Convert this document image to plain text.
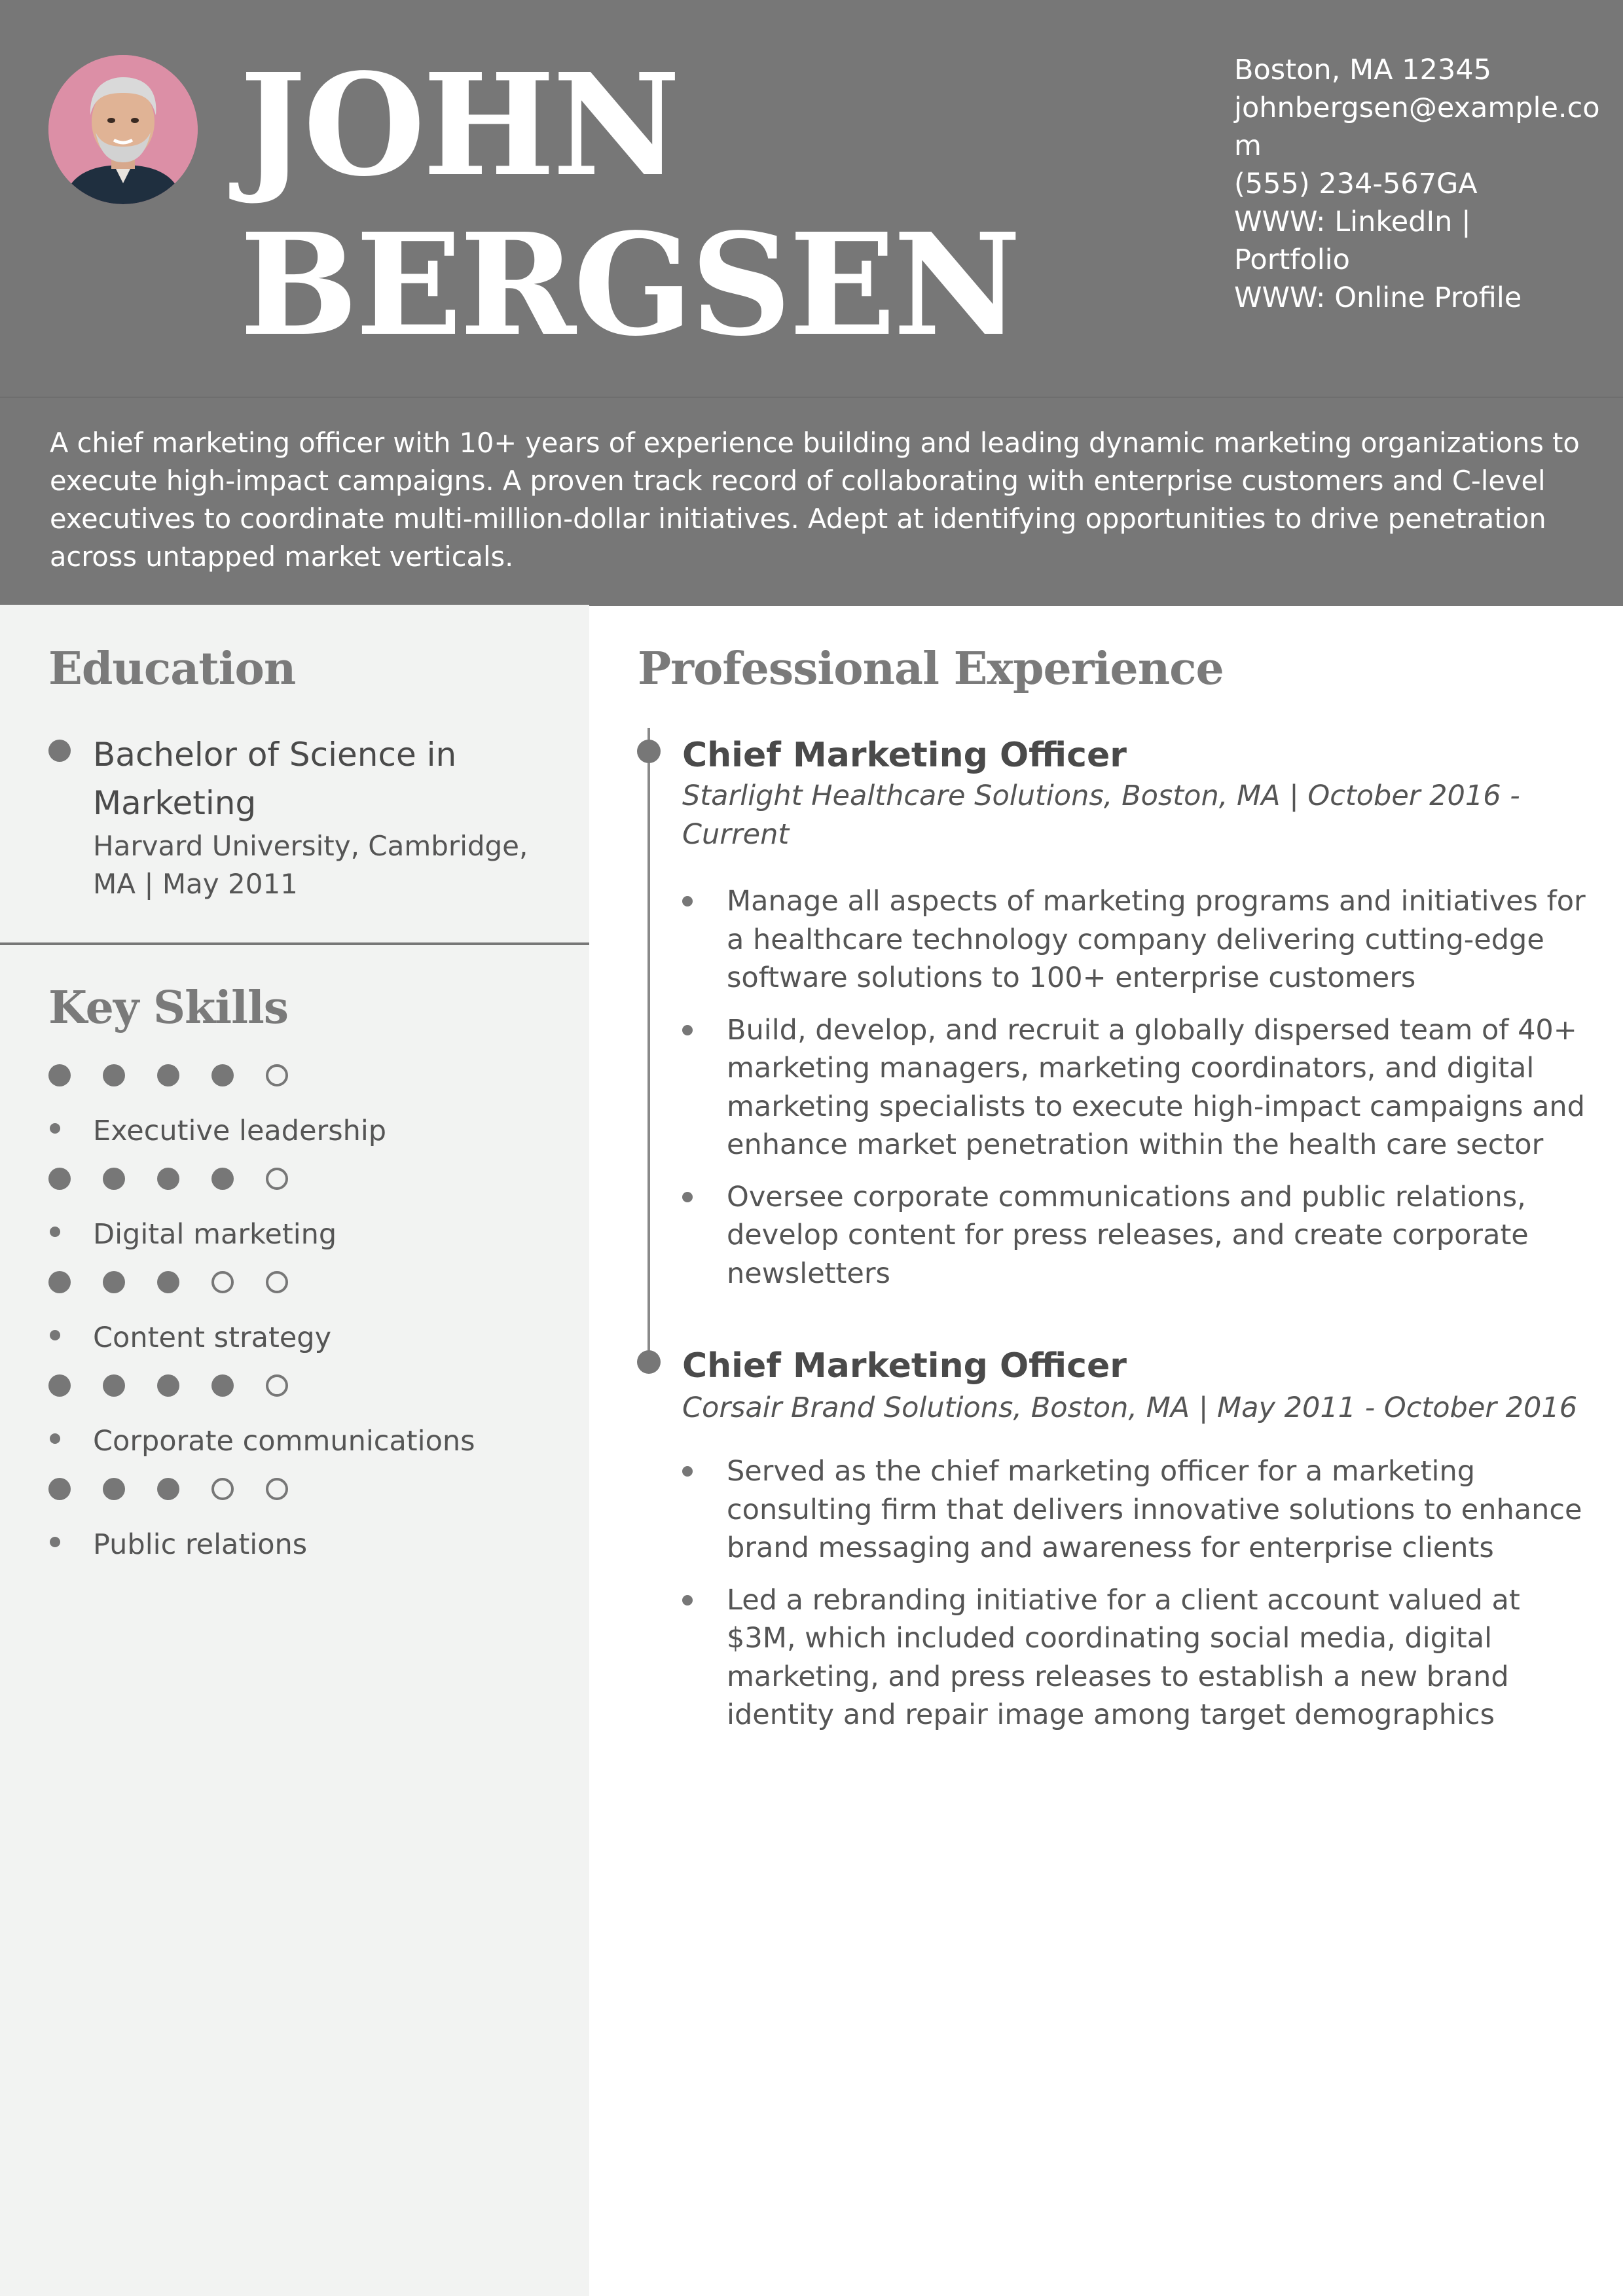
JOHN
BERGSEN
Boston, MA 12345
johnbergsen@example.com
(555) 234-567GA
WWW: LinkedIn | Portfolio
WWW: Online Profile

A chief marketing officer with 10+ years of experience building and leading dynamic marketing organizations to execute high-impact campaigns. A proven track record of collaborating with enterprise customers and C-level executives to coordinate multi-million-dollar initiatives. Adept at identifying opportunities to drive penetration across untapped market verticals.

Education
Bachelor of Science in Marketing
Harvard University, Cambridge, MA | May 2011
Key Skills
Executive leadership
Digital marketing
Content strategy
Corporate communications
Public relations
Professional Experience
Chief Marketing Officer
Starlight Healthcare Solutions, Boston, MA | October 2016 - Current
Manage all aspects of marketing programs and initiatives for a healthcare technology company delivering cutting-edge software solutions to 100+ enterprise customers
Build, develop, and recruit a globally dispersed team of 40+ marketing managers, marketing coordinators, and digital marketing specialists to execute high-impact campaigns and enhance market penetration within the health care sector
Oversee corporate communications and public relations, develop content for press releases, and create corporate newsletters
Chief Marketing Officer
Corsair Brand Solutions, Boston, MA | May 2011 - October 2016
Served as the chief marketing officer for a marketing consulting firm that delivers innovative solutions to enhance brand messaging and awareness for enterprise clients
Led a rebranding initiative for a client account valued at $3M, which included coordinating social media, digital marketing, and press releases to establish a new brand identity and repair image among target demographics
